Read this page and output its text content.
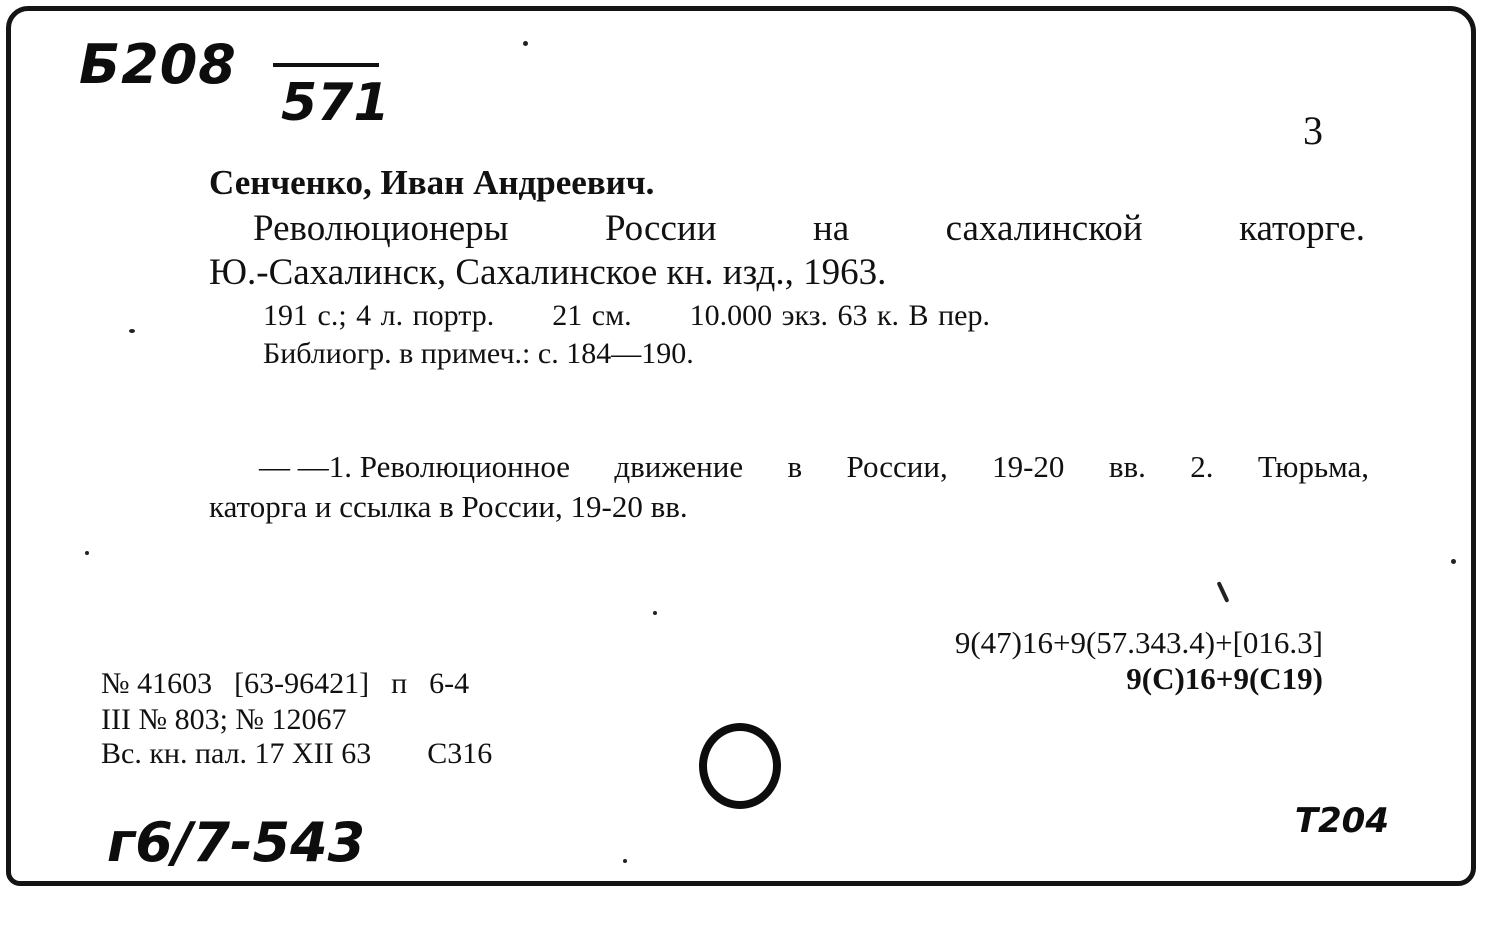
Б208
571	3
Сенченко, Иван Андреевич.
Революционеры	России	на	сахалинской	каторге.
Ю.-Сахалинск, Сахалинское кн. изд., 1963.
191 с.; 4 л. портр. 21 см. 10.000 экз. 63 к. В пер.
Библиогр. в примеч.: с. 184—190.
— —1. Революционное движение в России, 19-20 вв. 2. Тюрьма,
каторга и ссылка в России, 19-20 вв.
9(47)16+9(57.343.4)+[016.3]
9(С)16+9(С19)
№ 41603 [63-96421] п 6-4
III № 803; № 12067
Вс. кн. пал. 17 XII 63 С316
г6/7-543	Т204
